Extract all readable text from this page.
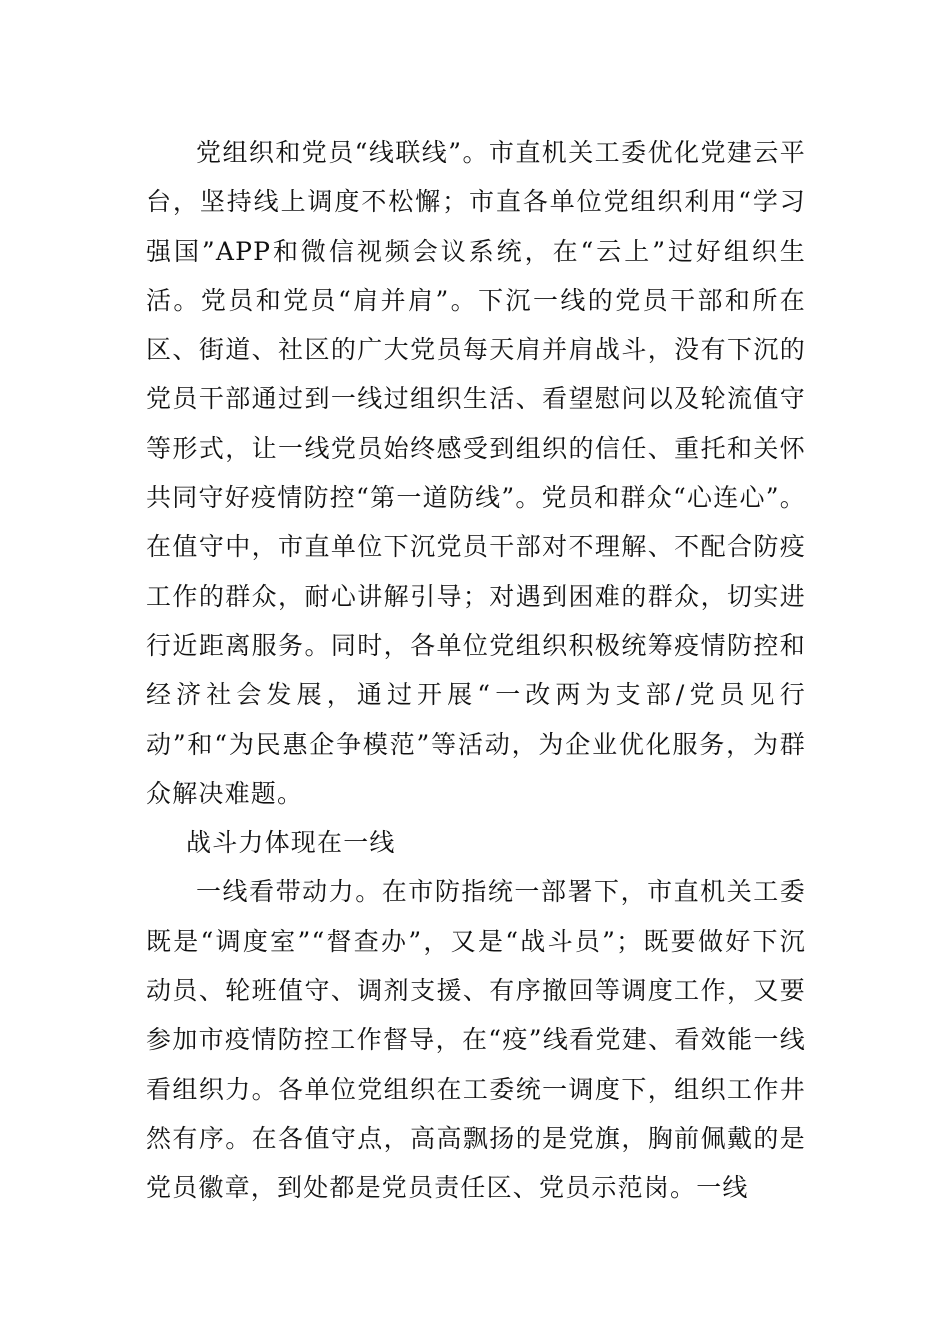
党组织和党员“线联线”。市直机关工委优化党建云平台，坚持线上调度不松懈；市直各单位党组织利用“学习强国”APP和微信视频会议系统，在“云上”过好组织生活。党员和党员“肩并肩”。下沉一线的党员干部和所在区、街道、社区的广大党员每天肩并肩战斗，没有下沉的党员干部通过到一线过组织生活、看望慰问以及轮流值守等形式，让一线党员始终感受到组织的信任、重托和关怀共同守好疫情防控“第一道防线”。党员和群众“心连心”。在值守中，市直单位下沉党员干部对不理解、不配合防疫工作的群众，耐心讲解引导；对遇到困难的群众，切实进行近距离服务。同时，各单位党组织积极统筹疫情防控和经济社会发展，通过开展“一改两为支部/党员见行动”和“为民惠企争模范”等活动，为企业优化服务，为群众解决难题。

战斗力体现在一线

一线看带动力。在市防指统一部署下，市直机关工委既是“调度室”“督查办”，又是“战斗员”；既要做好下沉动员、轮班值守、调剂支援、有序撤回等调度工作，又要参加市疫情防控工作督导，在“疫”线看党建、看效能一线看组织力。各单位党组织在工委统一调度下，组织工作井然有序。在各值守点，高高飘扬的是党旗，胸前佩戴的是党员徽章，到处都是党员责任区、党员示范岗。一线
